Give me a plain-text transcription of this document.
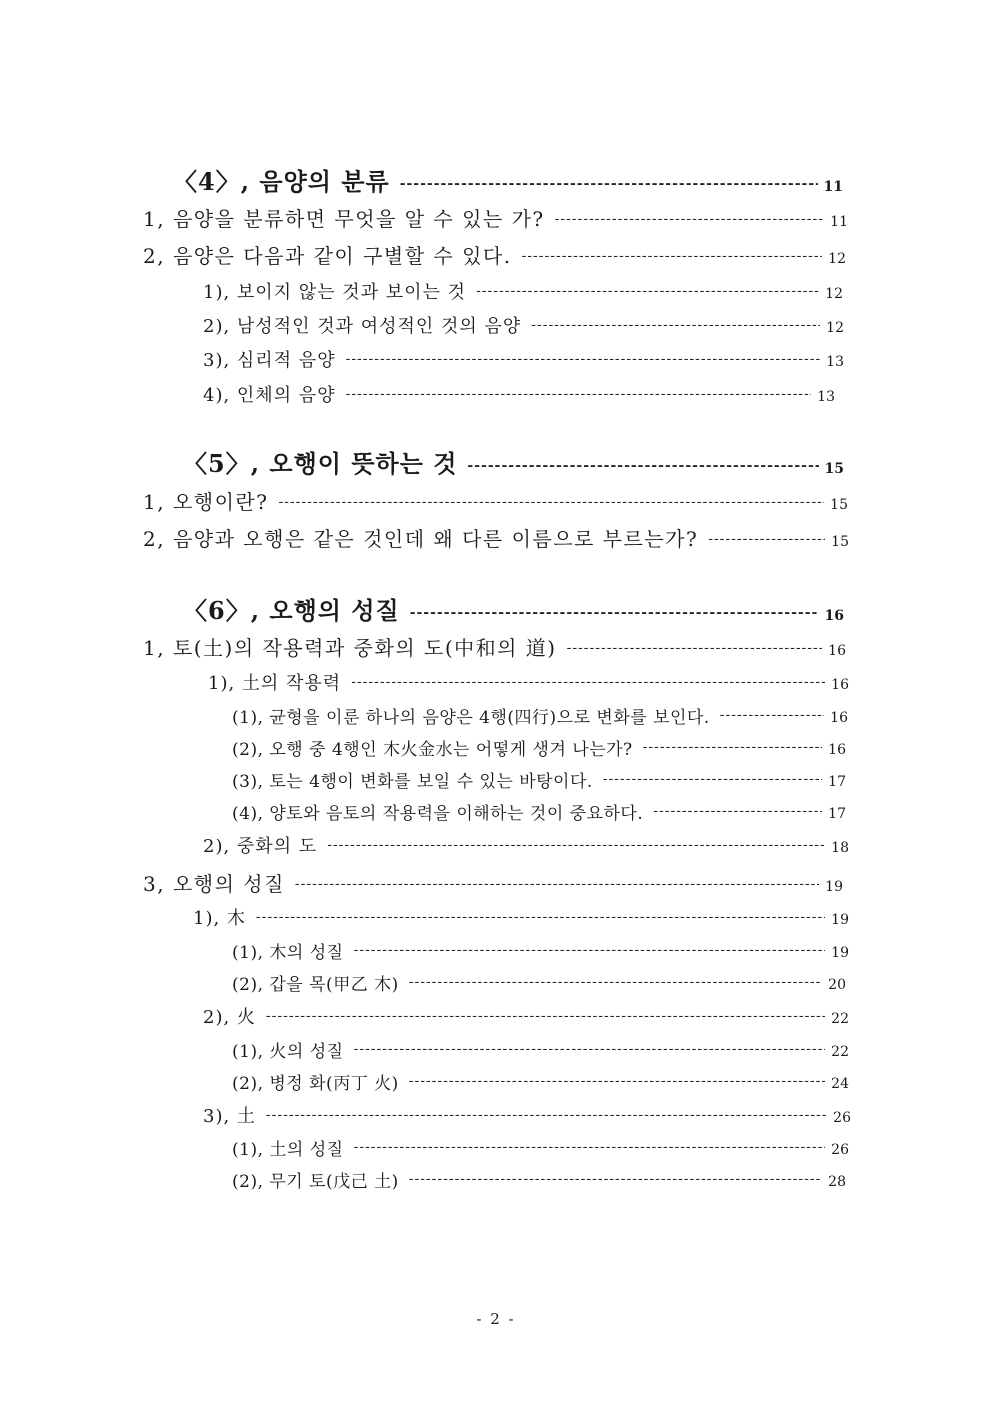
〈4〉, 음양의 분류 -----	11
1, 음양을 분류하면 무엇을 알 수 있는 가? -----	11
2, 음양은 다음과 같이 구별할 수 있다. -----	12
1), 보이지 않는 것과 보이는 것 -----	12
2), 남성적인 것과 여성적인 것의 음양 -----	12
3), 심리적 음양 -----	13
4), 인체의 음양 -----	13
〈5〉, 오행이 뜻하는 것 -----	15
1, 오행이란? -----	15
2, 음양과 오행은 같은 것인데 왜 다른 이름으로 부르는가? -----	15
〈6〉, 오행의 성질 -----	16
1, 토(土)의 작용력과 중화의 도(中和의 道) -----	16
1), 土의 작용력 -----	16
(1), 균형을 이룬 하나의 음양은 4행(四行)으로 변화를 보인다. -----	16
(2), 오행 중 4행인 木火金水는 어떻게 생겨 나는가? -----	16
(3), 토는 4행이 변화를 보일 수 있는 바탕이다. -----	17
(4), 양토와 음토의 작용력을 이해하는 것이 중요하다. -----	17
2), 중화의 도 -----	18
3, 오행의 성질 -----	19
1), 木 -----	19
(1), 木의 성질 -----	19
(2), 갑을 목(甲乙 木) -----	20
2), 火 -----	22
(1), 火의 성질 -----	22
(2), 병정 화(丙丁 火) -----	24
3), 土 -----	26
(1), 土의 성질 -----	26
(2), 무기 토(戊己 土) -----	28
- 2 -
